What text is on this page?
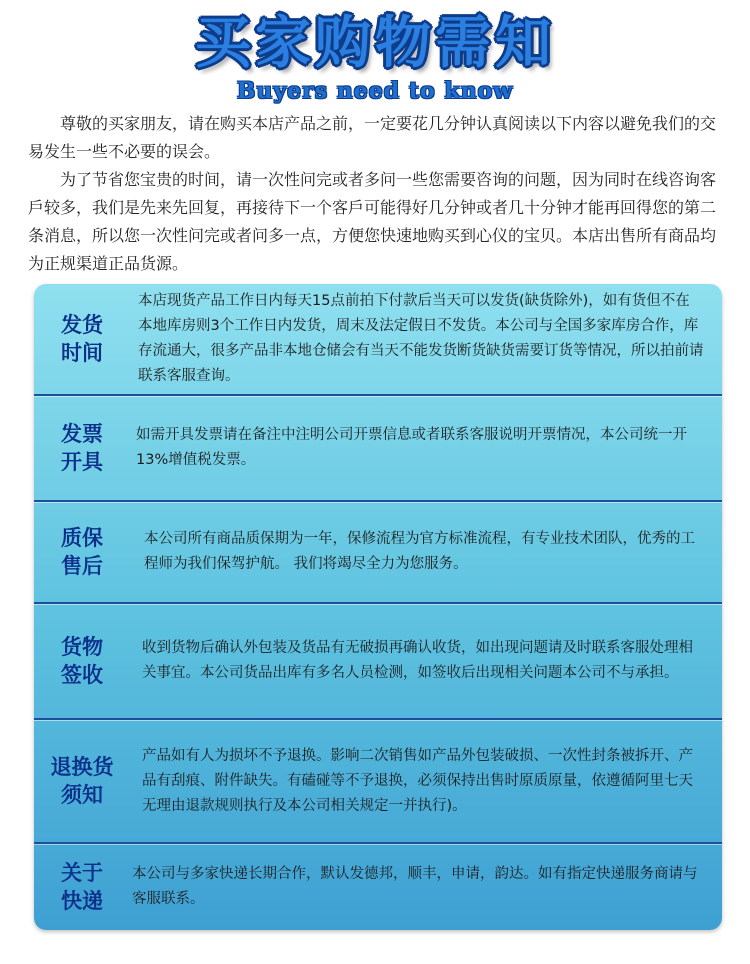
买家购物需知
Buyers need to know

尊敬的买家朋友，请在购买本店产品之前，一定要花几分钟认真阅读以下内容以避免我们的交易发生一些不必要的误会。

为了节省您宝贵的时间，请一次性问完或者多问一些您需要咨询的问题，因为同时在线咨询客戶较多，我们是先来先回复，再接待下一个客戶可能得好几分钟或者几十分钟才能再回得您的第二条消息，所以您一次性问完或者问多一点，方便您快速地购买到心仪的宝贝。本店出售所有商品均为正规渠道正品货源。

发货
时间
本店现货产品工作日内每天15点前拍下付款后当天可以发货(缺货除外)，如有货但不在本地库房则3个工作日内发货，周末及法定假日不发货。本公司与全国多家库房合作，库存流通大，很多产品非本地仓储会有当天不能发货断货缺货需要订货等情况，所以拍前请联系客服查询。
发票
开具
如需开具发票请在备注中注明公司开票信息或者联系客服说明开票情况，本公司统一开13%增值税发票。
质保
售后
本公司所有商品质保期为一年，保修流程为官方标准流程，有专业技术团队，优秀的工程师为我们保驾护航。 我们将竭尽全力为您服务。
货物
签收
收到货物后确认外包装及货品有无破损再确认收货，如出现问题请及时联系客服处理相关事宜。本公司货品出库有多名人员检测，如签收后出现相关问题本公司不与承担。
退换货
须知
产品如有人为损坏不予退换。影响二次销售如产品外包装破损、一次性封条被拆开、产品有刮痕、附件缺失。有磕碰等不予退换，必须保持出售时原质原量，依遵循阿里七天无理由退款规则执行及本公司相关规定一并执行)。
关于
快递
本公司与多家快递长期合作，默认发德邦，顺丰，申请，韵达。如有指定快递服务商请与客服联系。
